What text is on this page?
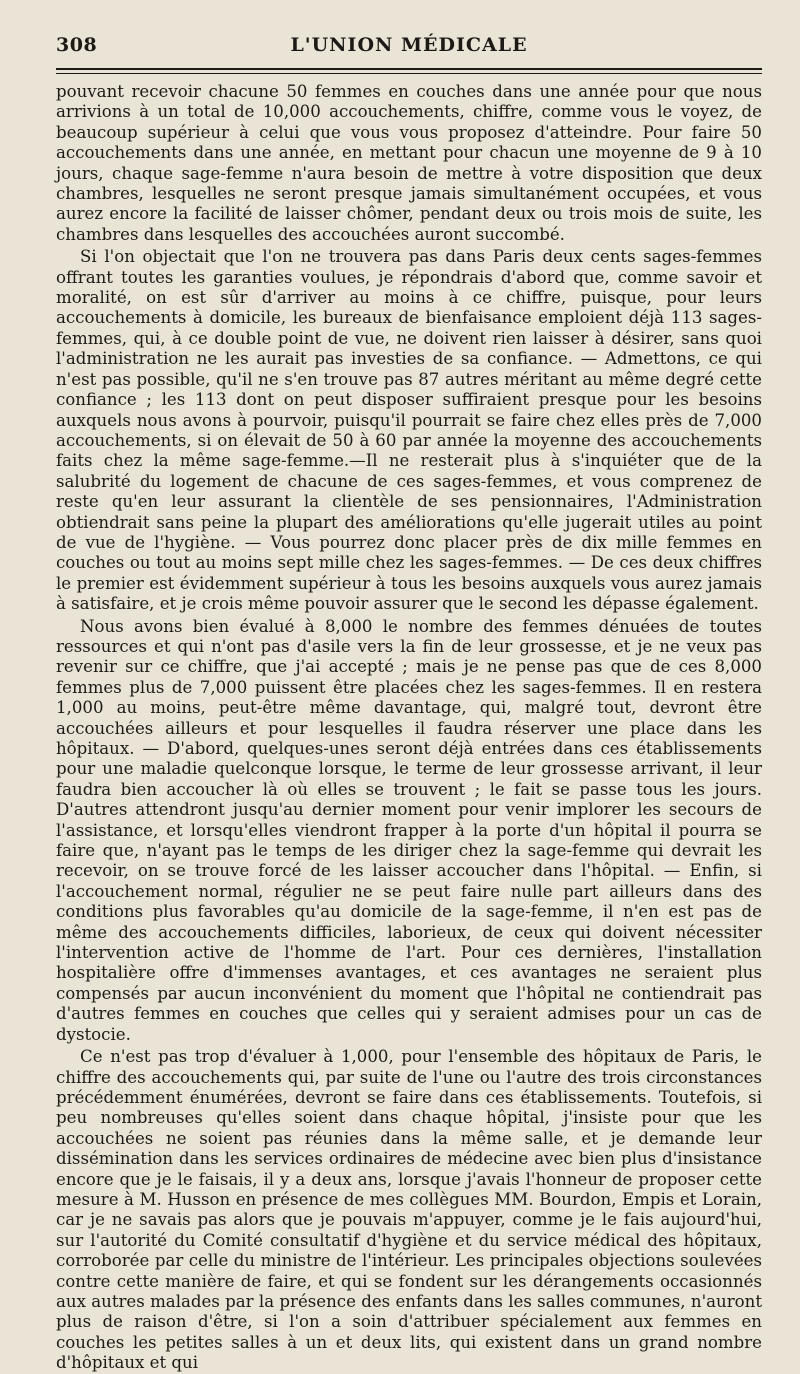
308	L'UNION MÉDICALE

pouvant recevoir chacune 50 femmes en couches dans une année pour que nous arrivions à un total de 10,000 accouchements, chiffre, comme vous le voyez, de beaucoup supérieur à celui que vous vous proposez d'atteindre. Pour faire 50 accouchements dans une année, en mettant pour chacun une moyenne de 9 à 10 jours, chaque sage-femme n'aura besoin de mettre à votre disposition que deux chambres, lesquelles ne seront presque jamais simultanément occupées, et vous aurez encore la facilité de laisser chômer, pendant deux ou trois mois de suite, les chambres dans lesquelles des accouchées auront succombé.

Si l'on objectait que l'on ne trouvera pas dans Paris deux cents sages-femmes offrant toutes les garanties voulues, je répondrais d'abord que, comme savoir et moralité, on est sûr d'arriver au moins à ce chiffre, puisque, pour leurs accouchements à domicile, les bureaux de bienfaisance emploient déjà 113 sages-femmes, qui, à ce double point de vue, ne doivent rien laisser à désirer, sans quoi l'administration ne les aurait pas investies de sa confiance. — Admettons, ce qui n'est pas possible, qu'il ne s'en trouve pas 87 autres méritant au même degré cette confiance ; les 113 dont on peut disposer suffiraient presque pour les besoins auxquels nous avons à pourvoir, puisqu'il pourrait se faire chez elles près de 7,000 accouchements, si on élevait de 50 à 60 par année la moyenne des accouchements faits chez la même sage-femme.—Il ne resterait plus à s'inquiéter que de la salubrité du logement de chacune de ces sages-femmes, et vous comprenez de reste qu'en leur assurant la clientèle de ses pensionnaires, l'Administration obtiendrait sans peine la plupart des améliorations qu'elle jugerait utiles au point de vue de l'hygiène. — Vous pourrez donc placer près de dix mille femmes en couches ou tout au moins sept mille chez les sages-femmes. — De ces deux chiffres le premier est évidemment supérieur à tous les besoins auxquels vous aurez jamais à satisfaire, et je crois même pouvoir assurer que le second les dépasse également.

Nous avons bien évalué à 8,000 le nombre des femmes dénuées de toutes ressources et qui n'ont pas d'asile vers la fin de leur grossesse, et je ne veux pas revenir sur ce chiffre, que j'ai accepté ; mais je ne pense pas que de ces 8,000 femmes plus de 7,000 puissent être placées chez les sages-femmes. Il en restera 1,000 au moins, peut-être même davantage, qui, malgré tout, devront être accouchées ailleurs et pour lesquelles il faudra réserver une place dans les hôpitaux. — D'abord, quelques-unes seront déjà entrées dans ces établissements pour une maladie quelconque lorsque, le terme de leur grossesse arrivant, il leur faudra bien accoucher là où elles se trouvent ; le fait se passe tous les jours. D'autres attendront jusqu'au dernier moment pour venir implorer les secours de l'assistance, et lorsqu'elles viendront frapper à la porte d'un hôpital il pourra se faire que, n'ayant pas le temps de les diriger chez la sage-femme qui devrait les recevoir, on se trouve forcé de les laisser accoucher dans l'hôpital. — Enfin, si l'accouchement normal, régulier ne se peut faire nulle part ailleurs dans des conditions plus favorables qu'au domicile de la sage-femme, il n'en est pas de même des accouchements difficiles, laborieux, de ceux qui doivent nécessiter l'intervention active de l'homme de l'art. Pour ces dernières, l'installation hospitalière offre d'immenses avantages, et ces avantages ne seraient plus compensés par aucun inconvénient du moment que l'hôpital ne contiendrait pas d'autres femmes en couches que celles qui y seraient admises pour un cas de dystocie.

Ce n'est pas trop d'évaluer à 1,000, pour l'ensemble des hôpitaux de Paris, le chiffre des accouchements qui, par suite de l'une ou l'autre des trois circonstances précédemment énumérées, devront se faire dans ces établissements. Toutefois, si peu nombreuses qu'elles soient dans chaque hôpital, j'insiste pour que les accouchées ne soient pas réunies dans la même salle, et je demande leur dissémination dans les services ordinaires de médecine avec bien plus d'insistance encore que je le faisais, il y a deux ans, lorsque j'avais l'honneur de proposer cette mesure à M. Husson en présence de mes collègues MM. Bourdon, Empis et Lorain, car je ne savais pas alors que je pouvais m'appuyer, comme je le fais aujourd'hui, sur l'autorité du Comité consultatif d'hygiène et du service médical des hôpitaux, corroborée par celle du ministre de l'intérieur. Les principales objections soulevées contre cette manière de faire, et qui se fondent sur les dérangements occasionnés aux autres malades par la présence des enfants dans les salles communes, n'auront plus de raison d'être, si l'on a soin d'attribuer spécialement aux femmes en couches les petites salles à un et deux lits, qui existent dans un grand nombre d'hôpitaux et qui
